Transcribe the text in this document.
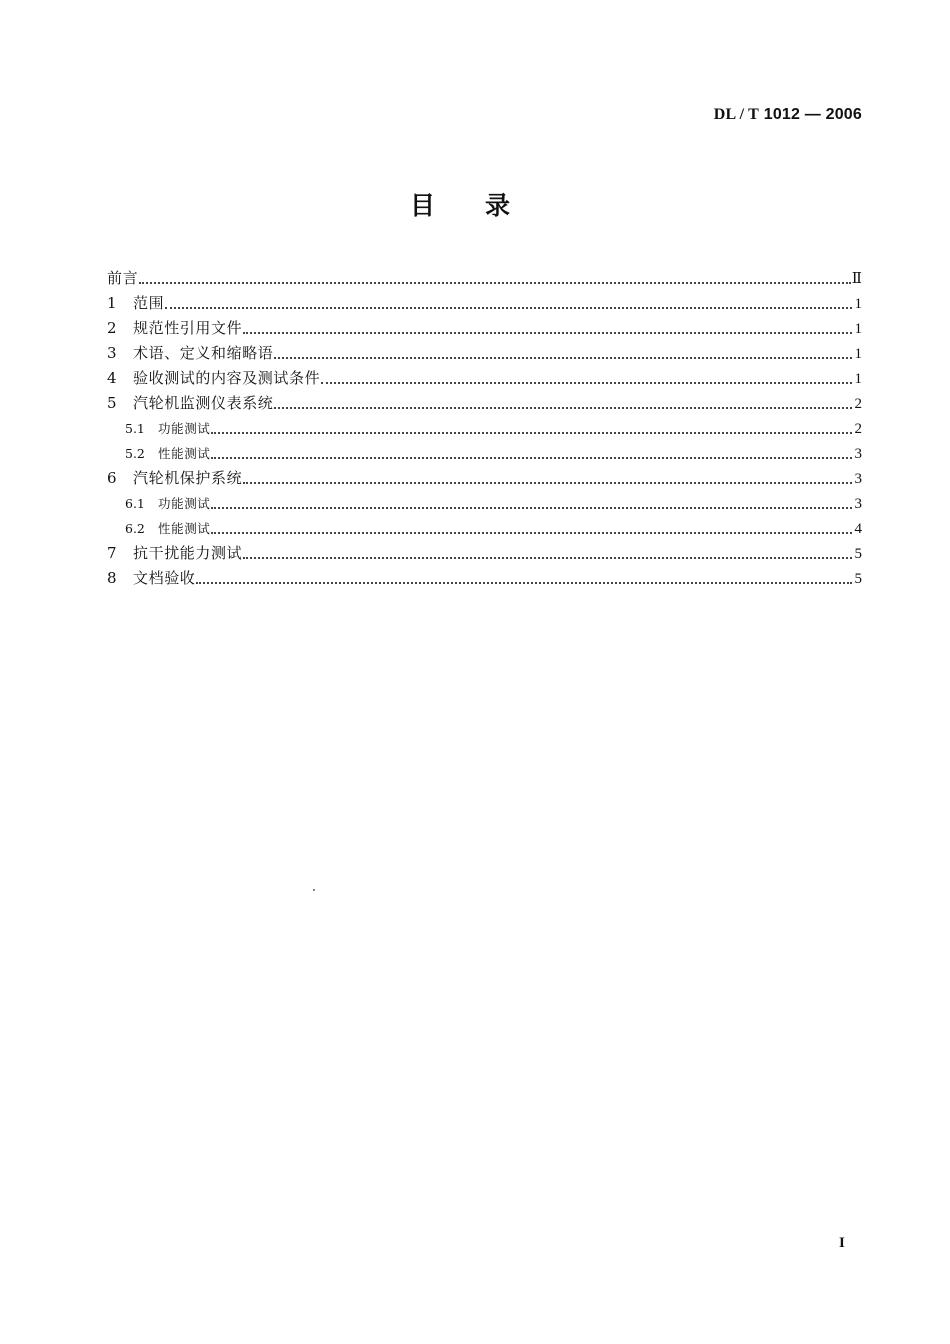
DL / T 1012 — 2006
目录
前言	Ⅱ
1	范围	1
2	规范性引用文件	1
3	术语、定义和缩略语	1
4	验收测试的内容及测试条件	1
5	汽轮机监测仪表系统	2
5.1	功能测试	2
5.2	性能测试	3
6	汽轮机保护系统	3
6.1	功能测试	3
6.2	性能测试	4
7	抗干扰能力测试	5
8	文档验收	5
I
